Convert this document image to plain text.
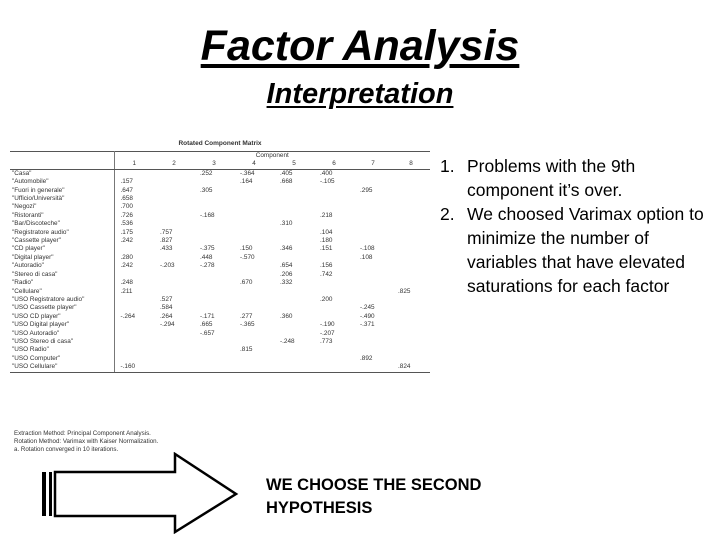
Factor Analysis
Interpretation
Rotated Component Matrix
	Component							
	1	2	3	4	5	6	7	8
"Casa"			.252	-.364	.405	.400		
"Automobile"	.157			.164	.668	-.105		
"Fuori in generale"	.647		.305				.295	
"Ufficio/Università"	.658							
"Negozi"	.700							
"Ristoranti"	.726		-.168			.218		
"Bar/Discoteche"	.536				.310			
"Registratore audio"	.175	.757				.104		
"Cassette player"	.242	.827				.180		
"CD player"		.433	-.375	.150	.346	.151	-.108	
"Digital player"	.280		.448	-.570			.108	
"Autoradio"	.242	-.203	-.278		.654	.156		
"Stereo di casa"					.206	.742		
"Radio"	.248			.670	.332			
"Cellulare"	.211							.825
"USO Registratore audio"		.527				.200		
"USO Cassette player"		.584					-.245	
"USO CD player"	-.264	.264	-.171	.277	.360		-.490	
"USO Digital player"		-.294	.665	-.365		-.190	-.371	
"USO Autoradio"			-.657			-.207		
"USO Stereo di casa"					-.248	.773		
"USO Radio"				.815				
"USO Computer"							.892	
"USO Cellulare"	-.160							.824
Extraction Method: Principal Component Analysis.
Rotation Method: Varimax with Kaiser Normalization.
a. Rotation converged in 10 iterations.
1. Problems with the 9th component it’s over.
2. We choosed Varimax option to minimize the number of variables that have elevated saturations for each factor
WE CHOOSE THE SECOND HYPOTHESIS
